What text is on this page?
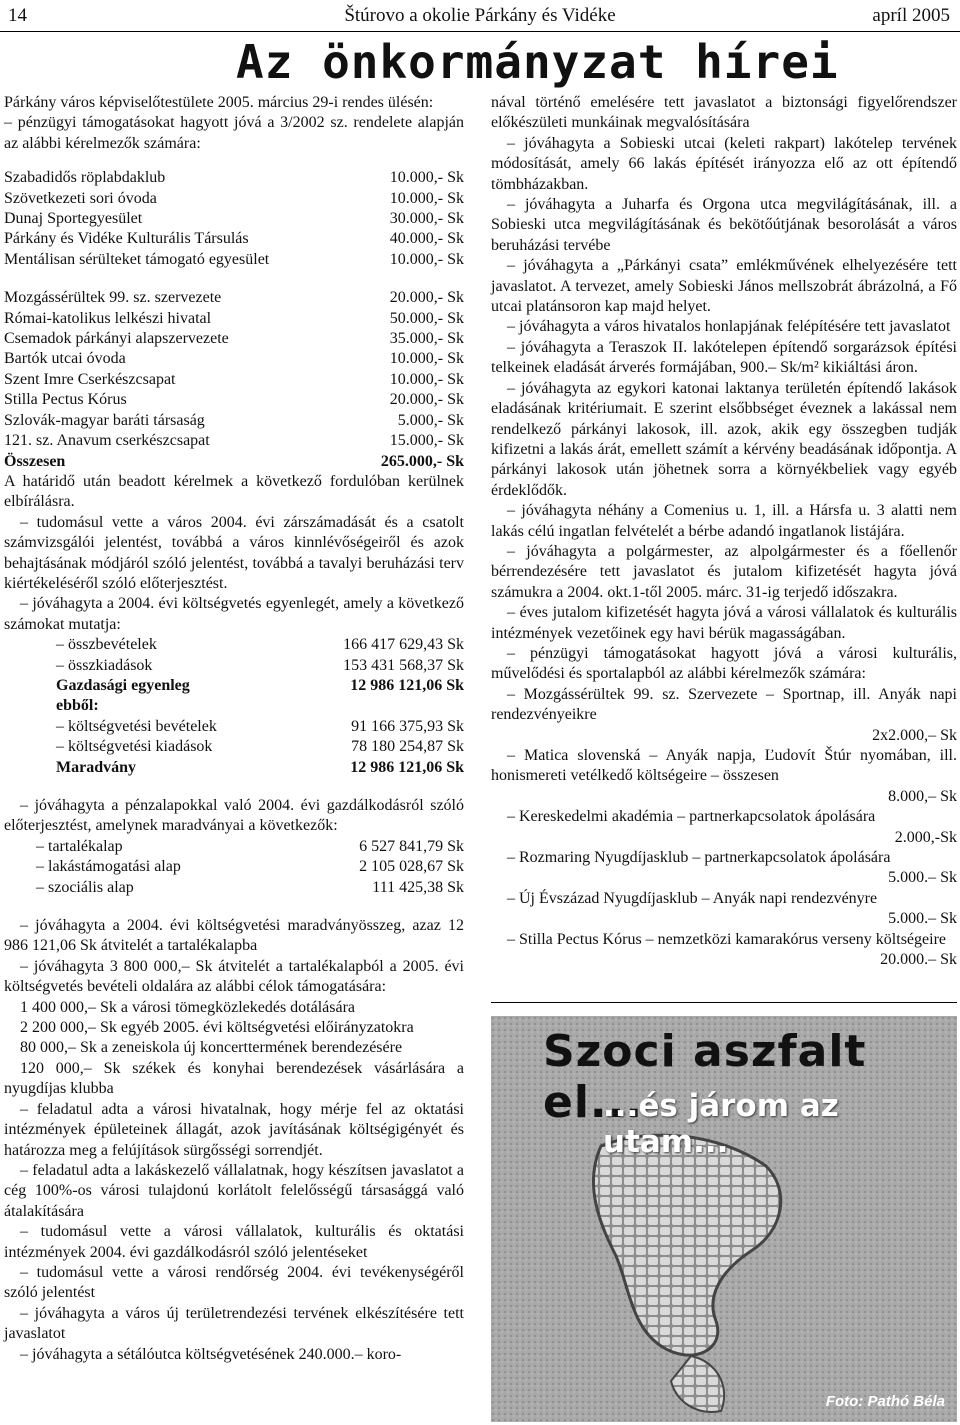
14	Štúrovo a okolie Párkány és Vidéke	apríl 2005
Az önkormányzat hírei

Párkány város képviselőtestülete 2005. március 29-i rendes ülésén:

– pénzügyi támogatásokat hagyott jóvá a 3/2002 sz. rendelete alapján az alábbi kérelmezők számára:

Szabadidős röplabdaklub	10.000,- Sk
Szövetkezeti sori óvoda	10.000,- Sk
Dunaj Sportegyesület	30.000,- Sk
Párkány és Vidéke Kulturális Társulás	40.000,- Sk
Mentálisan sérülteket támogató egyesület	10.000,- Sk
Mozgássérültek 99. sz. szervezete	20.000,- Sk
Római-katolikus lelkészi hivatal	50.000,- Sk
Csemadok párkányi alapszervezete	35.000,- Sk
Bartók utcai óvoda	10.000,- Sk
Szent Imre Cserkészcsapat	10.000,- Sk
Stilla Pectus Kórus	20.000,- Sk
Szlovák-magyar baráti társaság	5.000,- Sk
121. sz. Anavum cserkészcsapat	15.000,- Sk
Összesen	265.000,- Sk

A határidő után beadott kérelmek a következő fordulóban kerülnek elbírálásra.

– tudomásul vette a város 2004. évi zárszámadását és a csatolt számvizsgálói jelentést, továbbá a város kinnlévőségeiről és azok behajtásának módjáról szóló jelentést, továbbá a tavalyi beruházási terv kiértékeléséről szóló előterjesztést.

– jóváhagyta a 2004. évi költségvetés egyenlegét, amely a következő számokat mutatja:

– összbevételek	166 417 629,43 Sk
– összkiadások	153 431 568,37 Sk
Gazdasági egyenleg	12 986 121,06 Sk
ebből:
– költségvetési bevételek	91 166 375,93 Sk
– költségvetési kiadások	78 180 254,87 Sk
Maradvány	12 986 121,06 Sk

– jóváhagyta a pénzalapokkal való 2004. évi gazdálkodásról szóló előterjesztést, amelynek maradványai a következők:

– tartalékalap	6 527 841,79 Sk
– lakástámogatási alap	2 105 028,67 Sk
– szociális alap	111 425,38 Sk

– jóváhagyta a 2004. évi költségvetési maradványösszeg, azaz 12 986 121,06 Sk átvitelét a tartalékalapba

– jóváhagyta 3 800 000,– Sk átvitelét a tartalékalapból a 2005. évi költségvetés bevételi oldalára az alábbi célok támogatására:

1 400 000,– Sk a városi tömegközlekedés dotálására

2 200 000,– Sk egyéb 2005. évi költségvetési előirányzatokra

80 000,– Sk a zeneiskola új koncerttermének berendezésére

120 000,– Sk székek és konyhai berendezések vásárlására a nyugdíjas klubba

– feladatul adta a városi hivatalnak, hogy mérje fel az oktatási intézmények épületeinek állagát, azok javításának költségigényét és határozza meg a felújítások sürgősségi sorrendjét.

– feladatul adta a lakáskezelő vállalatnak, hogy készítsen javaslatot a cég 100%-os városi tulajdonú korlátolt felelősségű társasággá való átalakítására

– tudomásul vette a városi vállalatok, kulturális és oktatási intézmények 2004. évi gazdálkodásról szóló jelentéseket

– tudomásul vette a városi rendőrség 2004. évi tevékenységéről szóló jelentést

– jóváhagyta a város új területrendezési tervének elkészítésére tett javaslatot

– jóváhagyta a sétálóutca költségvetésének 240.000.– koro-

nával történő emelésére tett javaslatot a biztonsági figyelőrendszer előkészületi munkáinak megvalósítására

– jóváhagyta a Sobieski utcai (keleti rakpart) lakótelep tervének módosítását, amely 66 lakás építését irányozza elő az ott építendő tömbházakban.

– jóváhagyta a Juharfa és Orgona utca megvilágításának, ill. a Sobieski utca megvilágításának és bekötőútjának besorolását a város beruházási tervébe

– jóváhagyta a „Párkányi csata” emlékművének elhelyezésére tett javaslatot. A tervezet, amely Sobieski János mellszobrát ábrázolná, a Fő utcai platánsoron kap majd helyet.

– jóváhagyta a város hivatalos honlapjának felépítésére tett javaslatot

– jóváhagyta a Teraszok II. lakótelepen építendő sorgarázsok építési telkeinek eladását árverés formájában, 900.– Sk/m² kikiáltási áron.

– jóváhagyta az egykori katonai laktanya területén építendő lakások eladásának kritériumait. E szerint elsőbbséget éveznek a lakással nem rendelkező párkányi lakosok, ill. azok, akik egy összegben tudják kifizetni a lakás árát, emellett számít a kérvény beadásának időpontja. A párkányi lakosok után jöhetnek sorra a környékbeliek vagy egyéb érdeklődők.

– jóváhagyta néhány a Comenius u. 1, ill. a Hársfa u. 3 alatti nem lakás célú ingatlan felvételét a bérbe adandó ingatlanok listájára.

– jóváhagyta a polgármester, az alpolgármester és a főellenőr bérrendezésére tett javaslatot és jutalom kifizetését hagyta jóvá számukra a 2004. okt.1-től 2005. márc. 31-ig terjedő időszakra.

– éves jutalom kifizetését hagyta jóvá a városi vállalatok és kulturális intézmények vezetőinek egy havi bérük magasságában.

– pénzügyi támogatásokat hagyott jóvá a városi kulturális, művelődési és sportalapból az alábbi kérelmezők számára:

– Mozgássérültek 99. sz. Szervezete – Sportnap, ill. Anyák napi rendezvényeikre

2x2.000,– Sk

– Matica slovenská – Anyák napja, Ľudovít Štúr nyomában, ill. honismereti vetélkedő költségeire – összesen

8.000,– Sk

– Kereskedelmi akadémia – partnerkapcsolatok ápolására

2.000,-Sk

– Rozmaring Nyugdíjasklub – partnerkapcsolatok ápolására

5.000.– Sk

– Új Évszázad Nyugdíjasklub – Anyák napi rendezvényre

5.000.– Sk

– Stilla Pectus Kórus – nemzetközi kamarakórus verseny költségeire

20.000.– Sk
Szoci aszfalt el...
...és járom az utam...
Foto: Pathó Béla
